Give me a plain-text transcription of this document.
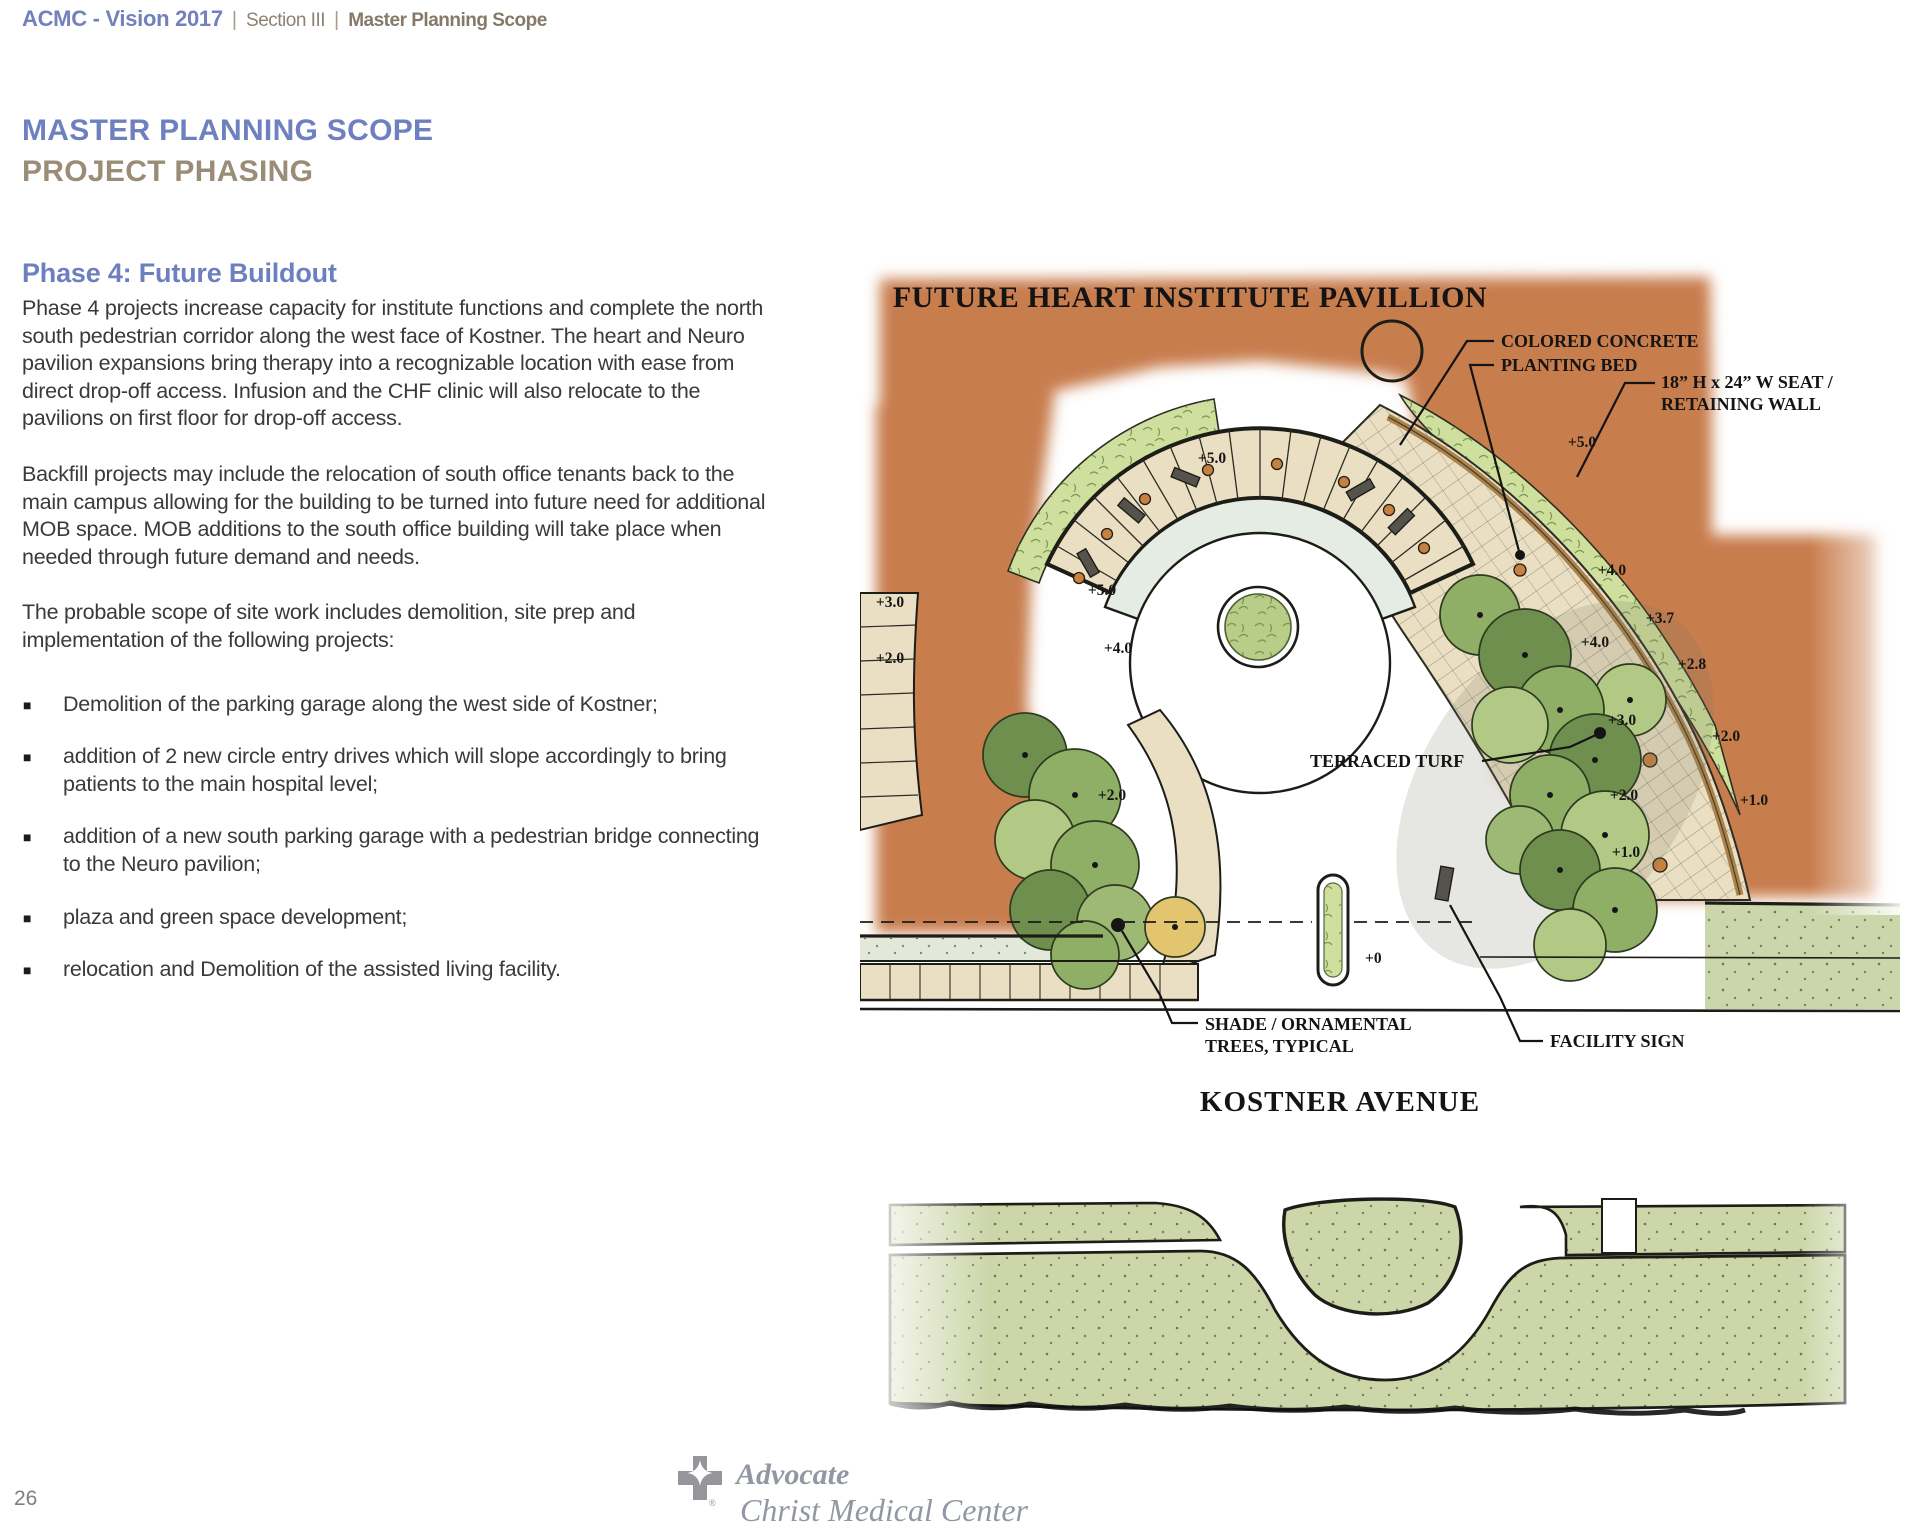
ACMC - Vision 2017 | Section III | Master Planning Scope
MASTER PLANNING SCOPE
PROJECT PHASING
Phase 4: Future Buildout

Phase 4 projects increase capacity for institute functions and complete the north south pedestrian corridor along the west face of Kostner. The heart and Neuro pavilion expansions bring therapy into a recognizable location with ease from direct drop-off access. Infusion and the CHF clinic will also relocate to the pavilions on first floor for drop-off access.

Backfill projects may include the relocation of south office tenants back to the main campus allowing for the building to be turned into future need for additional MOB space. MOB additions to the south office building will take place when needed through future demand and needs.

The probable scope of site work includes demolition, site prep and implementation of the following projects:

■ Demolition of the parking garage along the west side of Kostner;
■ addition of 2 new circle entry drives which will slope accordingly to bring patients to the main hospital level;
■ addition of a new south parking garage with a pedestrian bridge connecting to the Neuro pavilion;
■ plaza and green space development;
■ relocation and Demolition of the assisted living facility.
FUTURE HEART INSTITUTE PAVILLION
COLORED CONCRETE
PLANTING BED
18” H x 24” W SEAT /
RETAINING WALL
TERRACED TURF
SHADE / ORNAMENTAL
TREES, TYPICAL	FACILITY SIGN
KOSTNER AVENUE
+5.0
+5.0
+4.0
+3.0
+2.0
+2.0
+5.0
+4.0
+3.7
+2.8
+2.0
+1.0
+4.0
+3.0
+2.0
+1.0
+0
26	®
Advocate
Christ Medical Center
